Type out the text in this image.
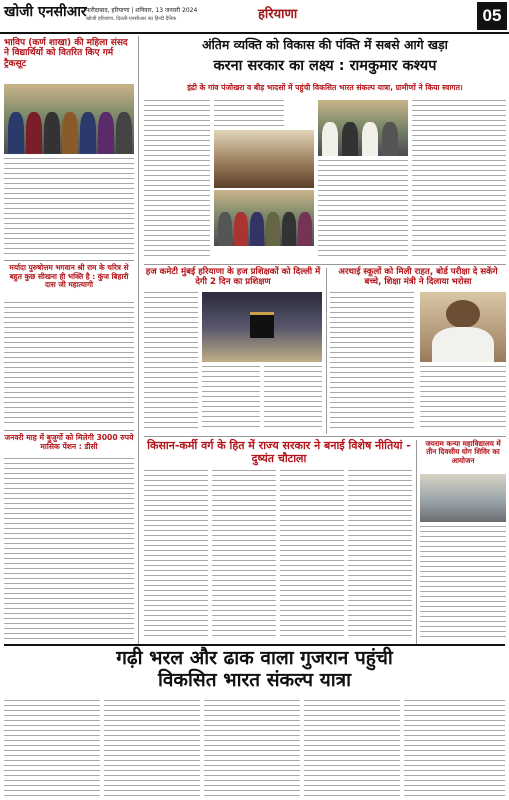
खोजी एनसीआर फरीदाबाद, हरियाणा | शनिवार, 13 जनवरी 2024
खोजी हरियाणा, दिल्ली-एनसीआर का हिन्दी दैनिक	हरियाणा	05
भाविप (कर्ण शाखा) की महिला संसद ने विद्यार्थियों को वितरित किए गर्म ट्रैकसूट
मर्यादा पुरुषोत्तम भगवान श्री राम के चरित्र से बहुत कुछ सीखना ही भक्ति है : कुंज बिहारी दास जी महात्यागी
जनवरी माह में बुजुर्गो को मिलेगी 3000 रुपये मासिक पेंशन : डीसी
अंतिम व्यक्ति को विकास की पंक्ति में सबसे आगे खड़ा
करना सरकार का लक्ष्य : रामकुमार कश्यप
इंद्री के गांव पंजोखरा व बीड़ भादसों में पहुंची विकसित भारत संकल्प यात्रा, ग्रामीणों ने किया स्वागत।
हज कमेटी मुंबई हरियाणा के हज प्रशिक्षकों को दिल्ली में देगी 2 दिन का प्रशिक्षण
अरथाई स्कूलों को मिली राहत, बोर्ड परीक्षा दे सकेंगे बच्चे, शिक्षा मंत्री ने दिलाया भरोसा
किसान-कर्मी वर्ग के हित में राज्य सरकार ने बनाई विशेष नीतियां - दुष्यंत चौटाला
जयराम कन्या महाविद्यालय में तीन दिवसीय योग शिविर का आयोजन
गढ़ी भरल और ढाक वाला गुजरान पहुंची
विकसित भारत संकल्प यात्रा
